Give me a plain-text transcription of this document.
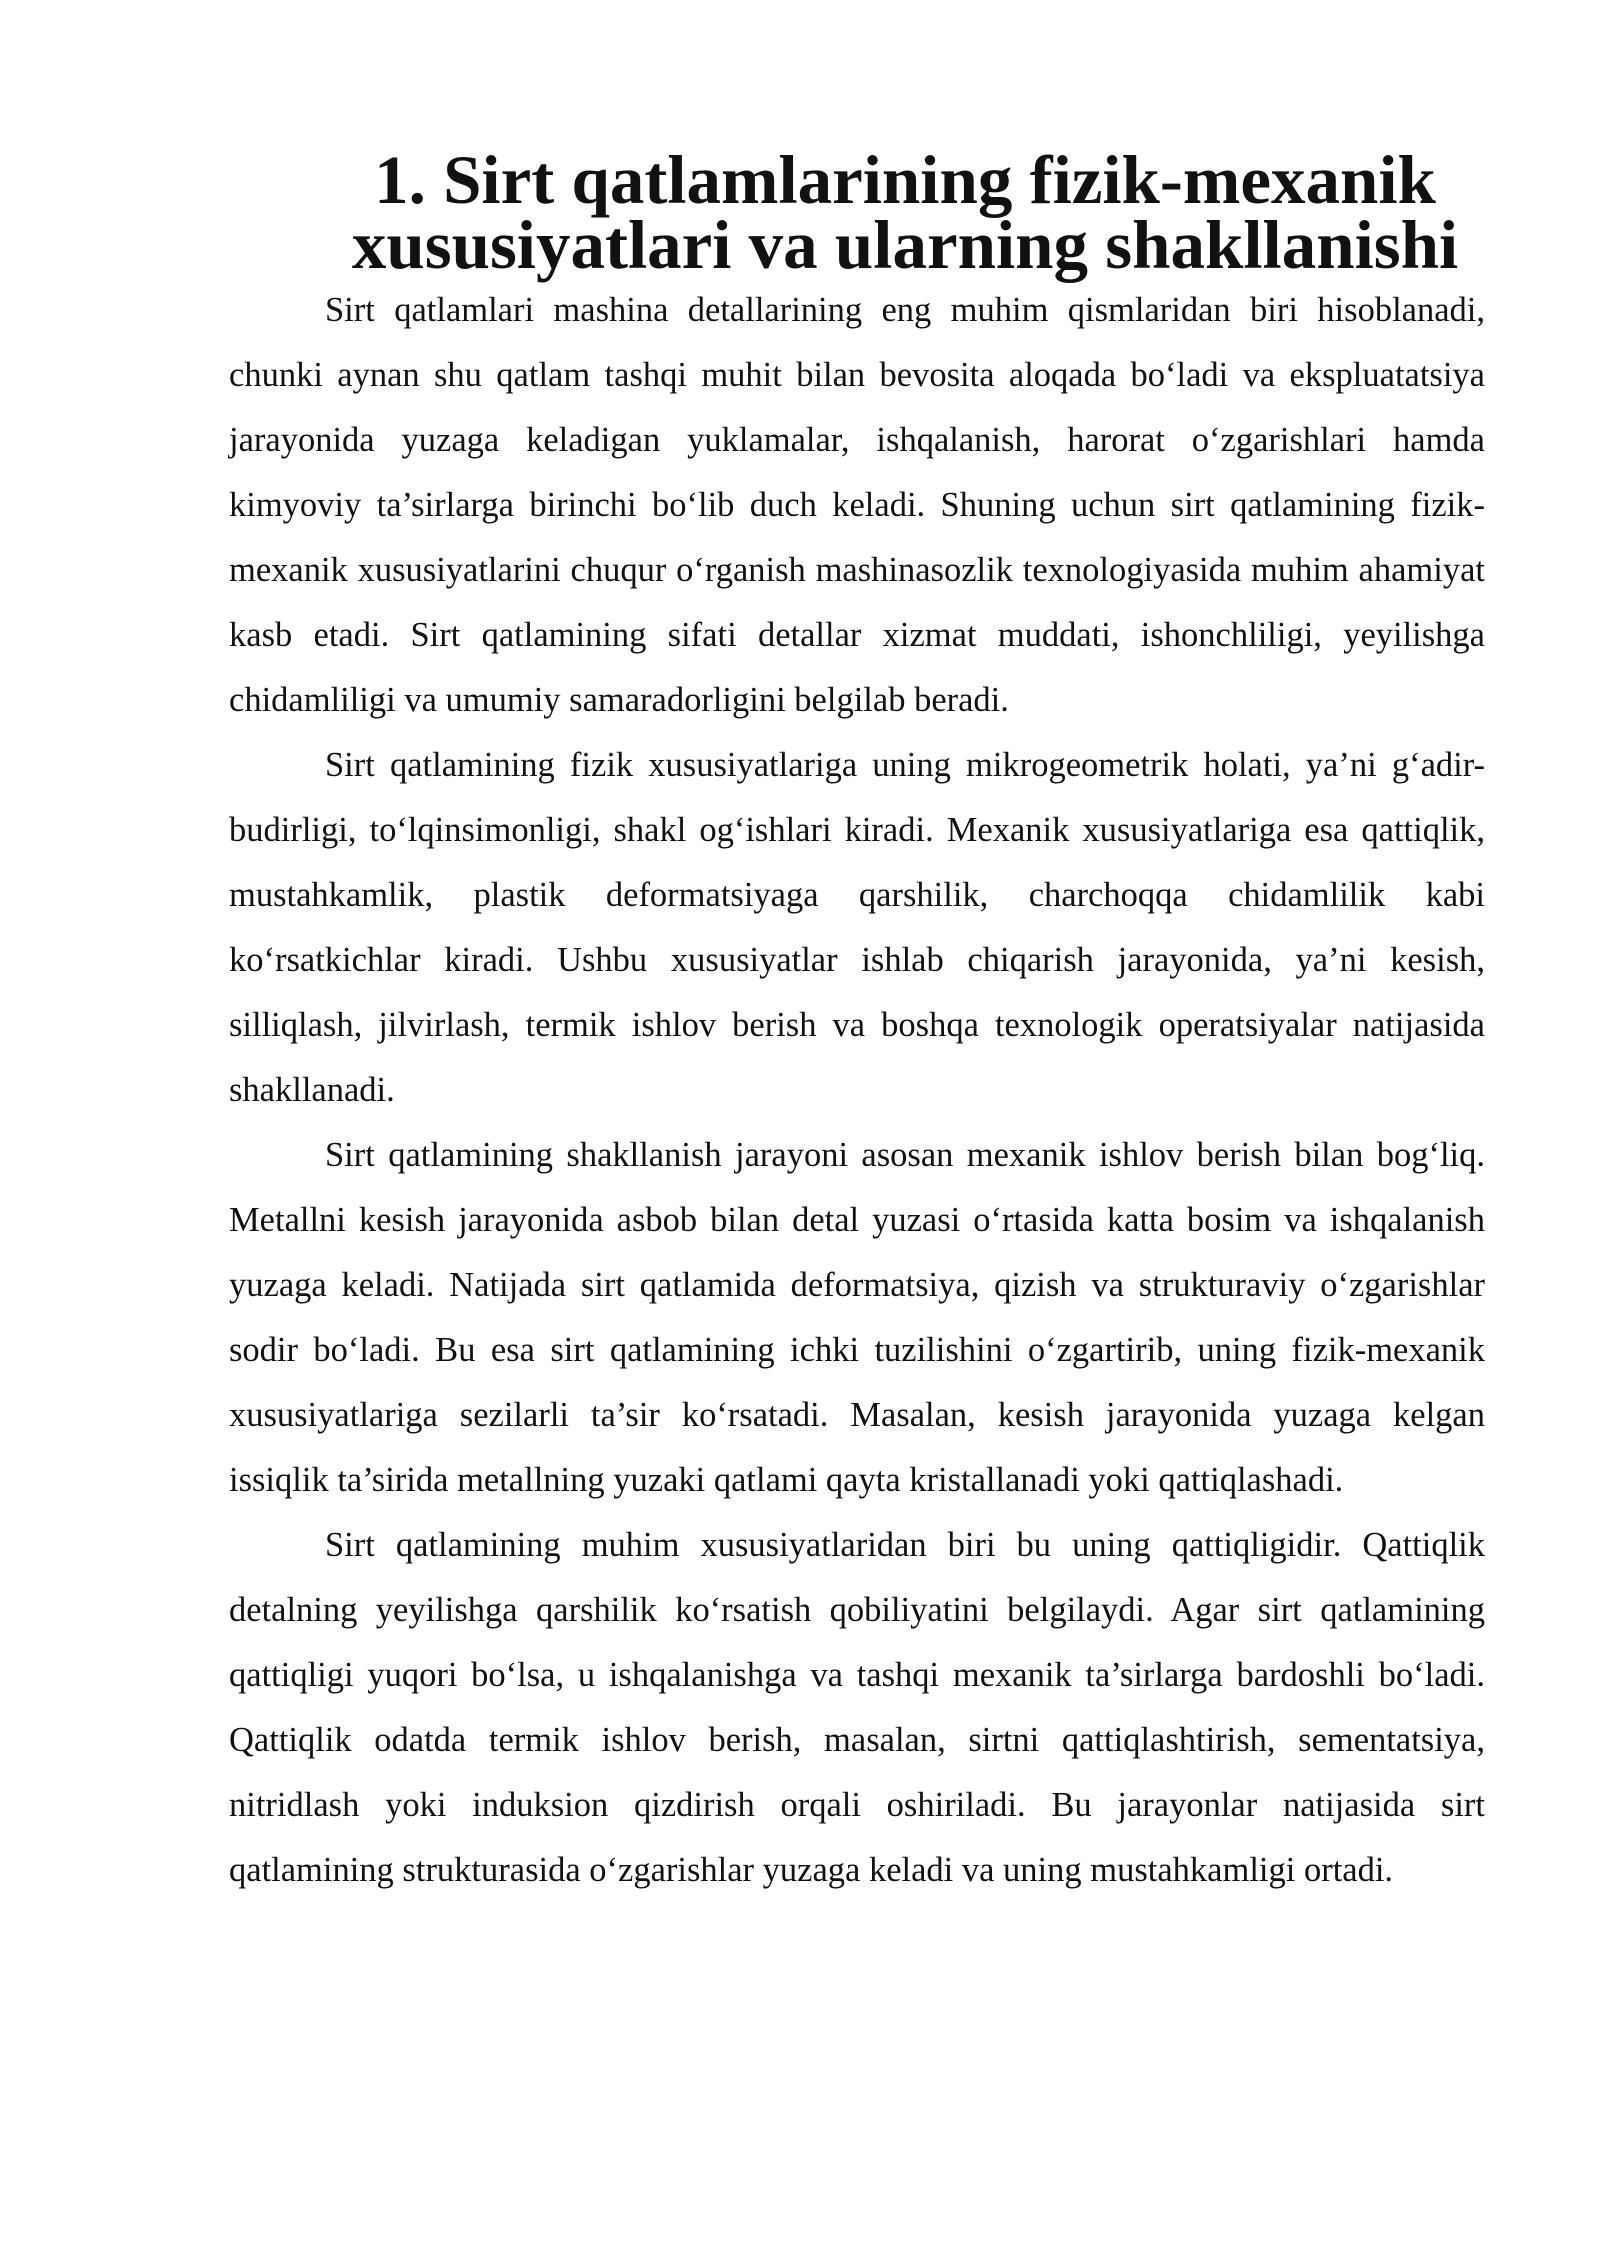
1. Sirt qatlamlarining fizik-mexanik xususiyatlari va ularning shakllanishi

Sirt qatlamlari mashina detallarining eng muhim qismlaridan biri hisoblanadi, chunki aynan shu qatlam tashqi muhit bilan bevosita aloqada bo‘ladi va ekspluatatsiya jarayonida yuzaga keladigan yuklamalar, ishqalanish, harorat o‘zgarishlari hamda kimyoviy ta’sirlarga birinchi bo‘lib duch keladi. Shuning uchun sirt qatlamining fizik-mexanik xususiyatlarini chuqur o‘rganish mashinasozlik texnologiyasida muhim ahamiyat kasb etadi. Sirt qatlamining sifati detallar xizmat muddati, ishonchliligi, yeyilishga chidamliligi va umumiy samaradorligini belgilab beradi.

Sirt qatlamining fizik xususiyatlariga uning mikrogeometrik holati, ya’ni g‘adir-budirligi, to‘lqinsimonligi, shakl og‘ishlari kiradi. Mexanik xususiyatlariga esa qattiqlik, mustahkamlik, plastik deformatsiyaga qarshilik, charchoqqa chidamlilik kabi ko‘rsatkichlar kiradi. Ushbu xususiyatlar ishlab chiqarish jarayonida, ya’ni kesish, silliqlash, jilvirlash, termik ishlov berish va boshqa texnologik operatsiyalar natijasida shakllanadi.

Sirt qatlamining shakllanish jarayoni asosan mexanik ishlov berish bilan bog‘liq. Metallni kesish jarayonida asbob bilan detal yuzasi o‘rtasida katta bosim va ishqalanish yuzaga keladi. Natijada sirt qatlamida deformatsiya, qizish va strukturaviy o‘zgarishlar sodir bo‘ladi. Bu esa sirt qatlamining ichki tuzilishini o‘zgartirib, uning fizik-mexanik xususiyatlariga sezilarli ta’sir ko‘rsatadi. Masalan, kesish jarayonida yuzaga kelgan issiqlik ta’sirida metallning yuzaki qatlami qayta kristallanadi yoki qattiqlashadi.

Sirt qatlamining muhim xususiyatlaridan biri bu uning qattiqligidir. Qattiqlik detalning yeyilishga qarshilik ko‘rsatish qobiliyatini belgilaydi. Agar sirt qatlamining qattiqligi yuqori bo‘lsa, u ishqalanishga va tashqi mexanik ta’sirlarga bardoshli bo‘ladi. Qattiqlik odatda termik ishlov berish, masalan, sirtni qattiqlashtirish, sementatsiya, nitridlash yoki induksion qizdirish orqali oshiriladi. Bu jarayonlar natijasida sirt qatlamining strukturasida o‘zgarishlar yuzaga keladi va uning mustahkamligi ortadi.
